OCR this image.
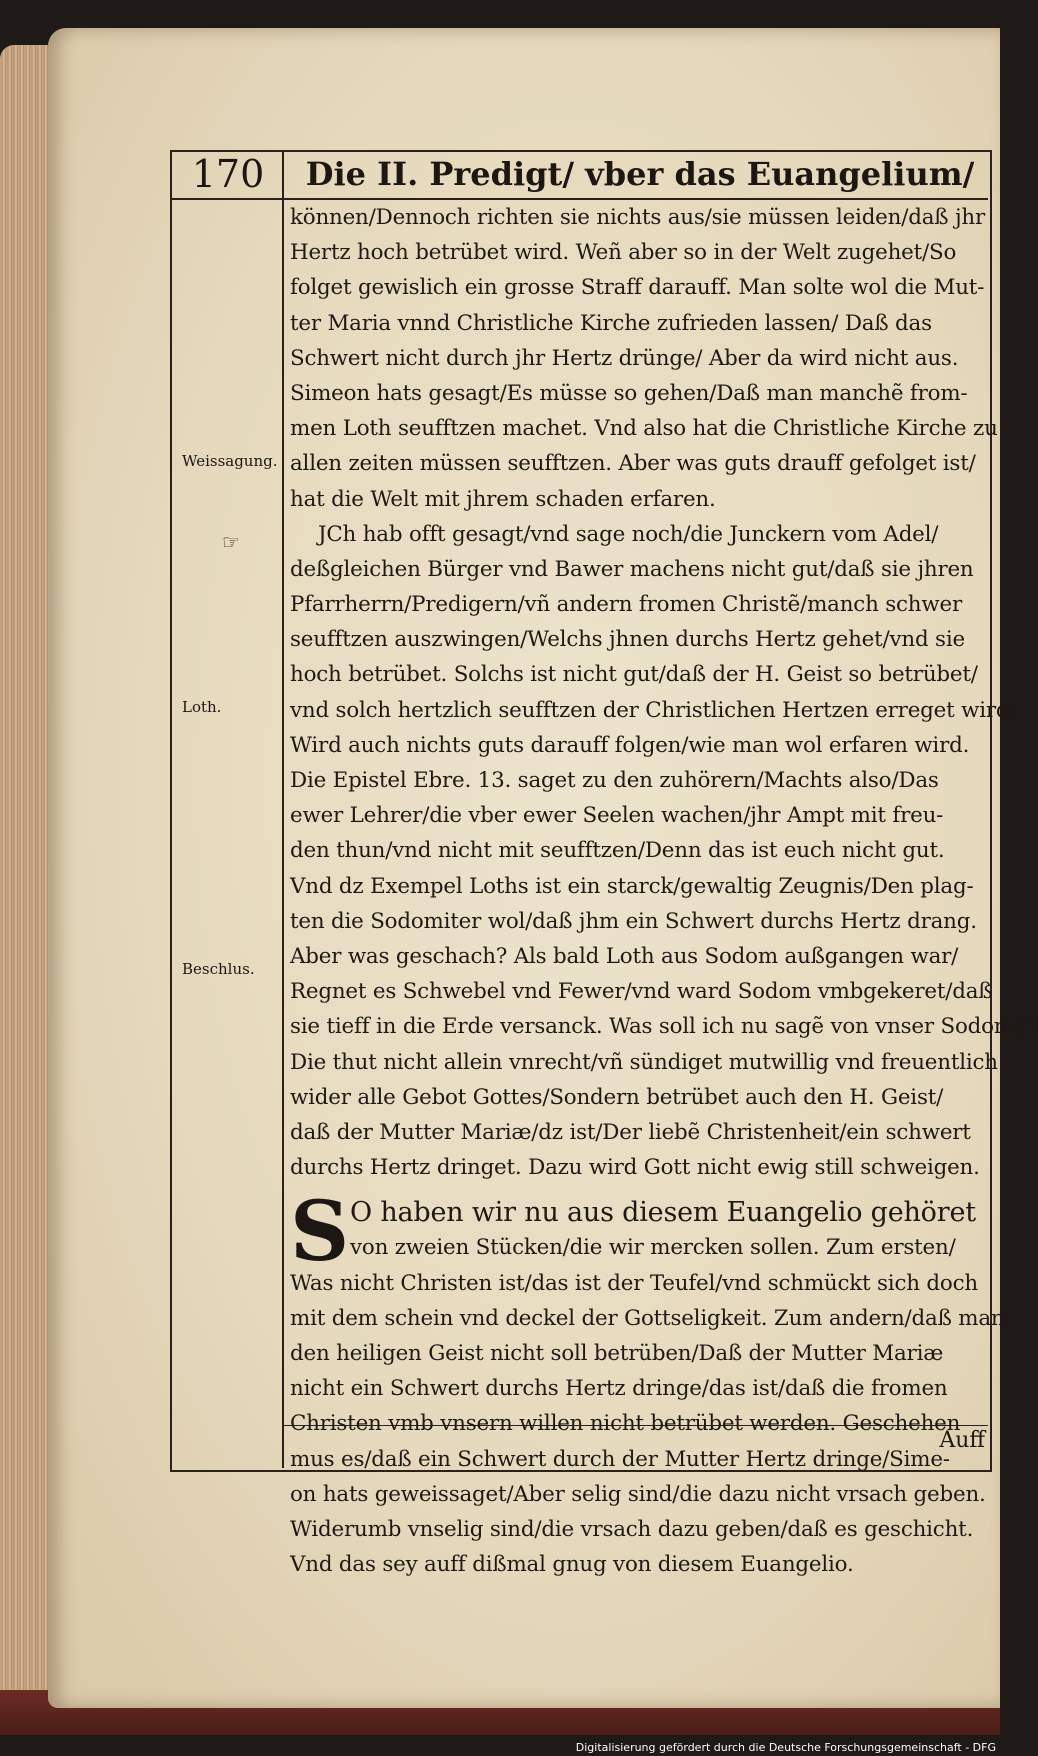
170	Die II. Predigt/ vber das Euangelium/
Weissagung.
☞
Loth.
Beschlus.
können/Dennoch richten sie nichts aus/sie müssen leiden/daß jhr
Hertz hoch betrübet wird. Weñ aber so in der Welt zugehet/So
folget gewislich ein grosse Straff darauff. Man solte wol die Mut-
ter Maria vnnd Christliche Kirche zufrieden lassen/ Daß das
Schwert nicht durch jhr Hertz drünge/ Aber da wird nicht aus.
Simeon hats gesagt/Es müsse so gehen/Daß man manchẽ from-
men Loth seufftzen machet. Vnd also hat die Christliche Kirche zu
allen zeiten müssen seufftzen. Aber was guts drauff gefolget ist/
hat die Welt mit jhrem schaden erfaren.
JCh hab offt gesagt/vnd sage noch/die Junckern vom Adel/
deßgleichen Bürger vnd Bawer machens nicht gut/daß sie jhren
Pfarrherrn/Predigern/vñ andern fromen Christẽ/manch schwer
seufftzen auszwingen/Welchs jhnen durchs Hertz gehet/vnd sie
hoch betrübet. Solchs ist nicht gut/daß der H. Geist so betrübet/
vnd solch hertzlich seufftzen der Christlichen Hertzen erreget wird/
Wird auch nichts guts darauff folgen/wie man wol erfaren wird.
Die Epistel Ebre. 13. saget zu den zuhörern/Machts also/Das
ewer Lehrer/die vber ewer Seelen wachen/jhr Ampt mit freu-
den thun/vnd nicht mit seufftzen/Denn das ist euch nicht gut.
Vnd dz Exempel Loths ist ein starck/gewaltig Zeugnis/Den plag-
ten die Sodomiter wol/daß jhm ein Schwert durchs Hertz drang.
Aber was geschach? Als bald Loth aus Sodom außgangen war/
Regnet es Schwebel vnd Fewer/vnd ward Sodom vmbgekeret/daß
sie tieff in die Erde versanck. Was soll ich nu sagẽ von vnser Sodoma?
Die thut nicht allein vnrecht/vñ sündiget mutwillig vnd freuentlich
wider alle Gebot Gottes/Sondern betrübet auch den H. Geist/
daß der Mutter Mariæ/dz ist/Der liebẽ Christenheit/ein schwert
durchs Hertz dringet. Dazu wird Gott nicht ewig still schweigen.
S O haben wir nu aus diesem Euangelio gehöret
von zweien Stücken/die wir mercken sollen. Zum ersten/
Was nicht Christen ist/das ist der Teufel/vnd schmückt sich doch
mit dem schein vnd deckel der Gottseligkeit. Zum andern/daß man
den heiligen Geist nicht soll betrüben/Daß der Mutter Mariæ
nicht ein Schwert durchs Hertz dringe/das ist/daß die fromen
Christen vmb vnsern willen nicht betrübet werden. Geschehen
mus es/daß ein Schwert durch der Mutter Hertz dringe/Sime-
on hats geweissaget/Aber selig sind/die dazu nicht vrsach geben.
Widerumb vnselig sind/die vrsach dazu geben/daß es geschicht.
Vnd das sey auff dißmal gnug von diesem Euangelio.
Auff
Digitalisierung gefördert durch die Deutsche Forschungsgemeinschaft - DFG
